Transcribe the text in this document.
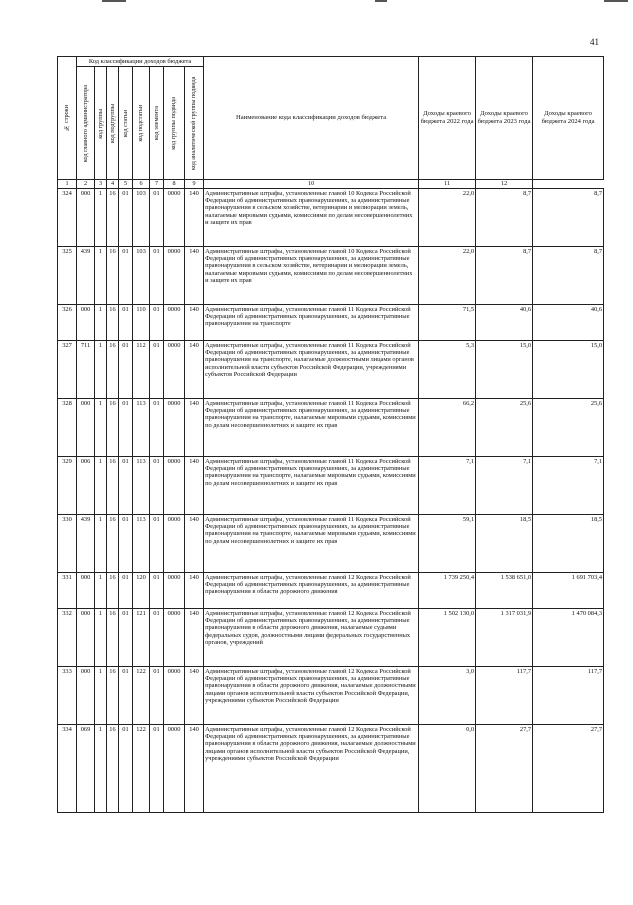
41
№ строки	Код классификации доходов бюджета								Наименование кода классификации доходов бюджета	Доходы краевого бюджета 2022 года	Доходы краевого бюджета 2023 года	Доходы краевого бюджета 2024 года

	код главного администратора	код группы	код подгруппы	код статьи	код подстатьи	код элемента	код группы подвида	код аналитической группы подвида				

1	2	3	4	5	6	7	8	9	10	11	12	
324	000	1	16	01	103	01	0000	140	Административные штрафы, установленные главой 10 Кодекса Российской Федерации об административных правонарушениях, за административные правонарушения в сельском хозяйстве, ветеринарии и мелиорации земель, налагаемые мировыми судьями, комиссиями по делам несовершеннолетних и защите их прав	22,0	8,7	8,7
325	439	1	16	01	103	01	0000	140	Административные штрафы, установленные главой 10 Кодекса Российской Федерации об административных правонарушениях, за административные правонарушения в сельском хозяйстве, ветеринарии и мелиорации земель, налагаемые мировыми судьями, комиссиями по делам несовершеннолетних и защите их прав	22,0	8,7	8,7
326	000	1	16	01	110	01	0000	140	Административные штрафы, установленные главой 11 Кодекса Российской Федерации об административных правонарушениях, за административные правонарушения на транспорте	71,5	40,6	40,6
327	711	1	16	01	112	01	0000	140	Административные штрафы, установленные главой 11 Кодекса Российской Федерации об административных правонарушениях, за административные правонарушения на транспорте, налагаемые должностными лицами органов исполнительной власти субъектов Российской Федерации, учреждениями субъектов Российской Федерации	5,3	15,0	15,0
328	000	1	16	01	113	01	0000	140	Административные штрафы, установленные главой 11 Кодекса Российской Федерации об административных правонарушениях, за административные правонарушения на транспорте, налагаемые мировыми судьями, комиссиями по делам несовершеннолетних и защите их прав	66,2	25,6	25,6
329	006	1	16	01	113	01	0000	140	Административные штрафы, установленные главой 11 Кодекса Российской Федерации об административных правонарушениях, за административные правонарушения на транспорте, налагаемые мировыми судьями, комиссиями по делам несовершеннолетних и защите их прав	7,1	7,1	7,1
330	439	1	16	01	113	01	0000	140	Административные штрафы, установленные главой 11 Кодекса Российской Федерации об административных правонарушениях, за административные правонарушения на транспорте, налагаемые мировыми судьями, комиссиями по делам несовершеннолетних и защите их прав	59,1	18,5	18,5
331	000	1	16	01	120	01	0000	140	Административные штрафы, установленные главой 12 Кодекса Российской Федерации об административных правонарушениях, за административные правонарушения в области дорожного движения	1 739 250,4	1 538 651,0	1 691 703,4
332	000	1	16	01	121	01	0000	140	Административные штрафы, установленные главой 12 Кодекса Российской Федерации об административных правонарушениях, за административные правонарушения в области дорожного движения, налагаемые судьями федеральных судов, должностными лицами федеральных государственных органов, учреждений	1 502 130,0	1 317 031,9	1 470 084,3
333	000	1	16	01	122	01	0000	140	Административные штрафы, установленные главой 12 Кодекса Российской Федерации об административных правонарушениях, за административные правонарушения в области дорожного движения, налагаемые должностными лицами органов исполнительной власти субъектов Российской Федерации, учреждениями субъектов Российской Федерации	3,0	117,7	117,7
334	069	1	16	01	122	01	0000	140	Административные штрафы, установленные главой 12 Кодекса Российской Федерации об административных правонарушениях, за административные правонарушения в области дорожного движения, налагаемые должностными лицами органов исполнительной власти субъектов Российской Федерации, учреждениями субъектов Российской Федерации	0,0	27,7	27,7
